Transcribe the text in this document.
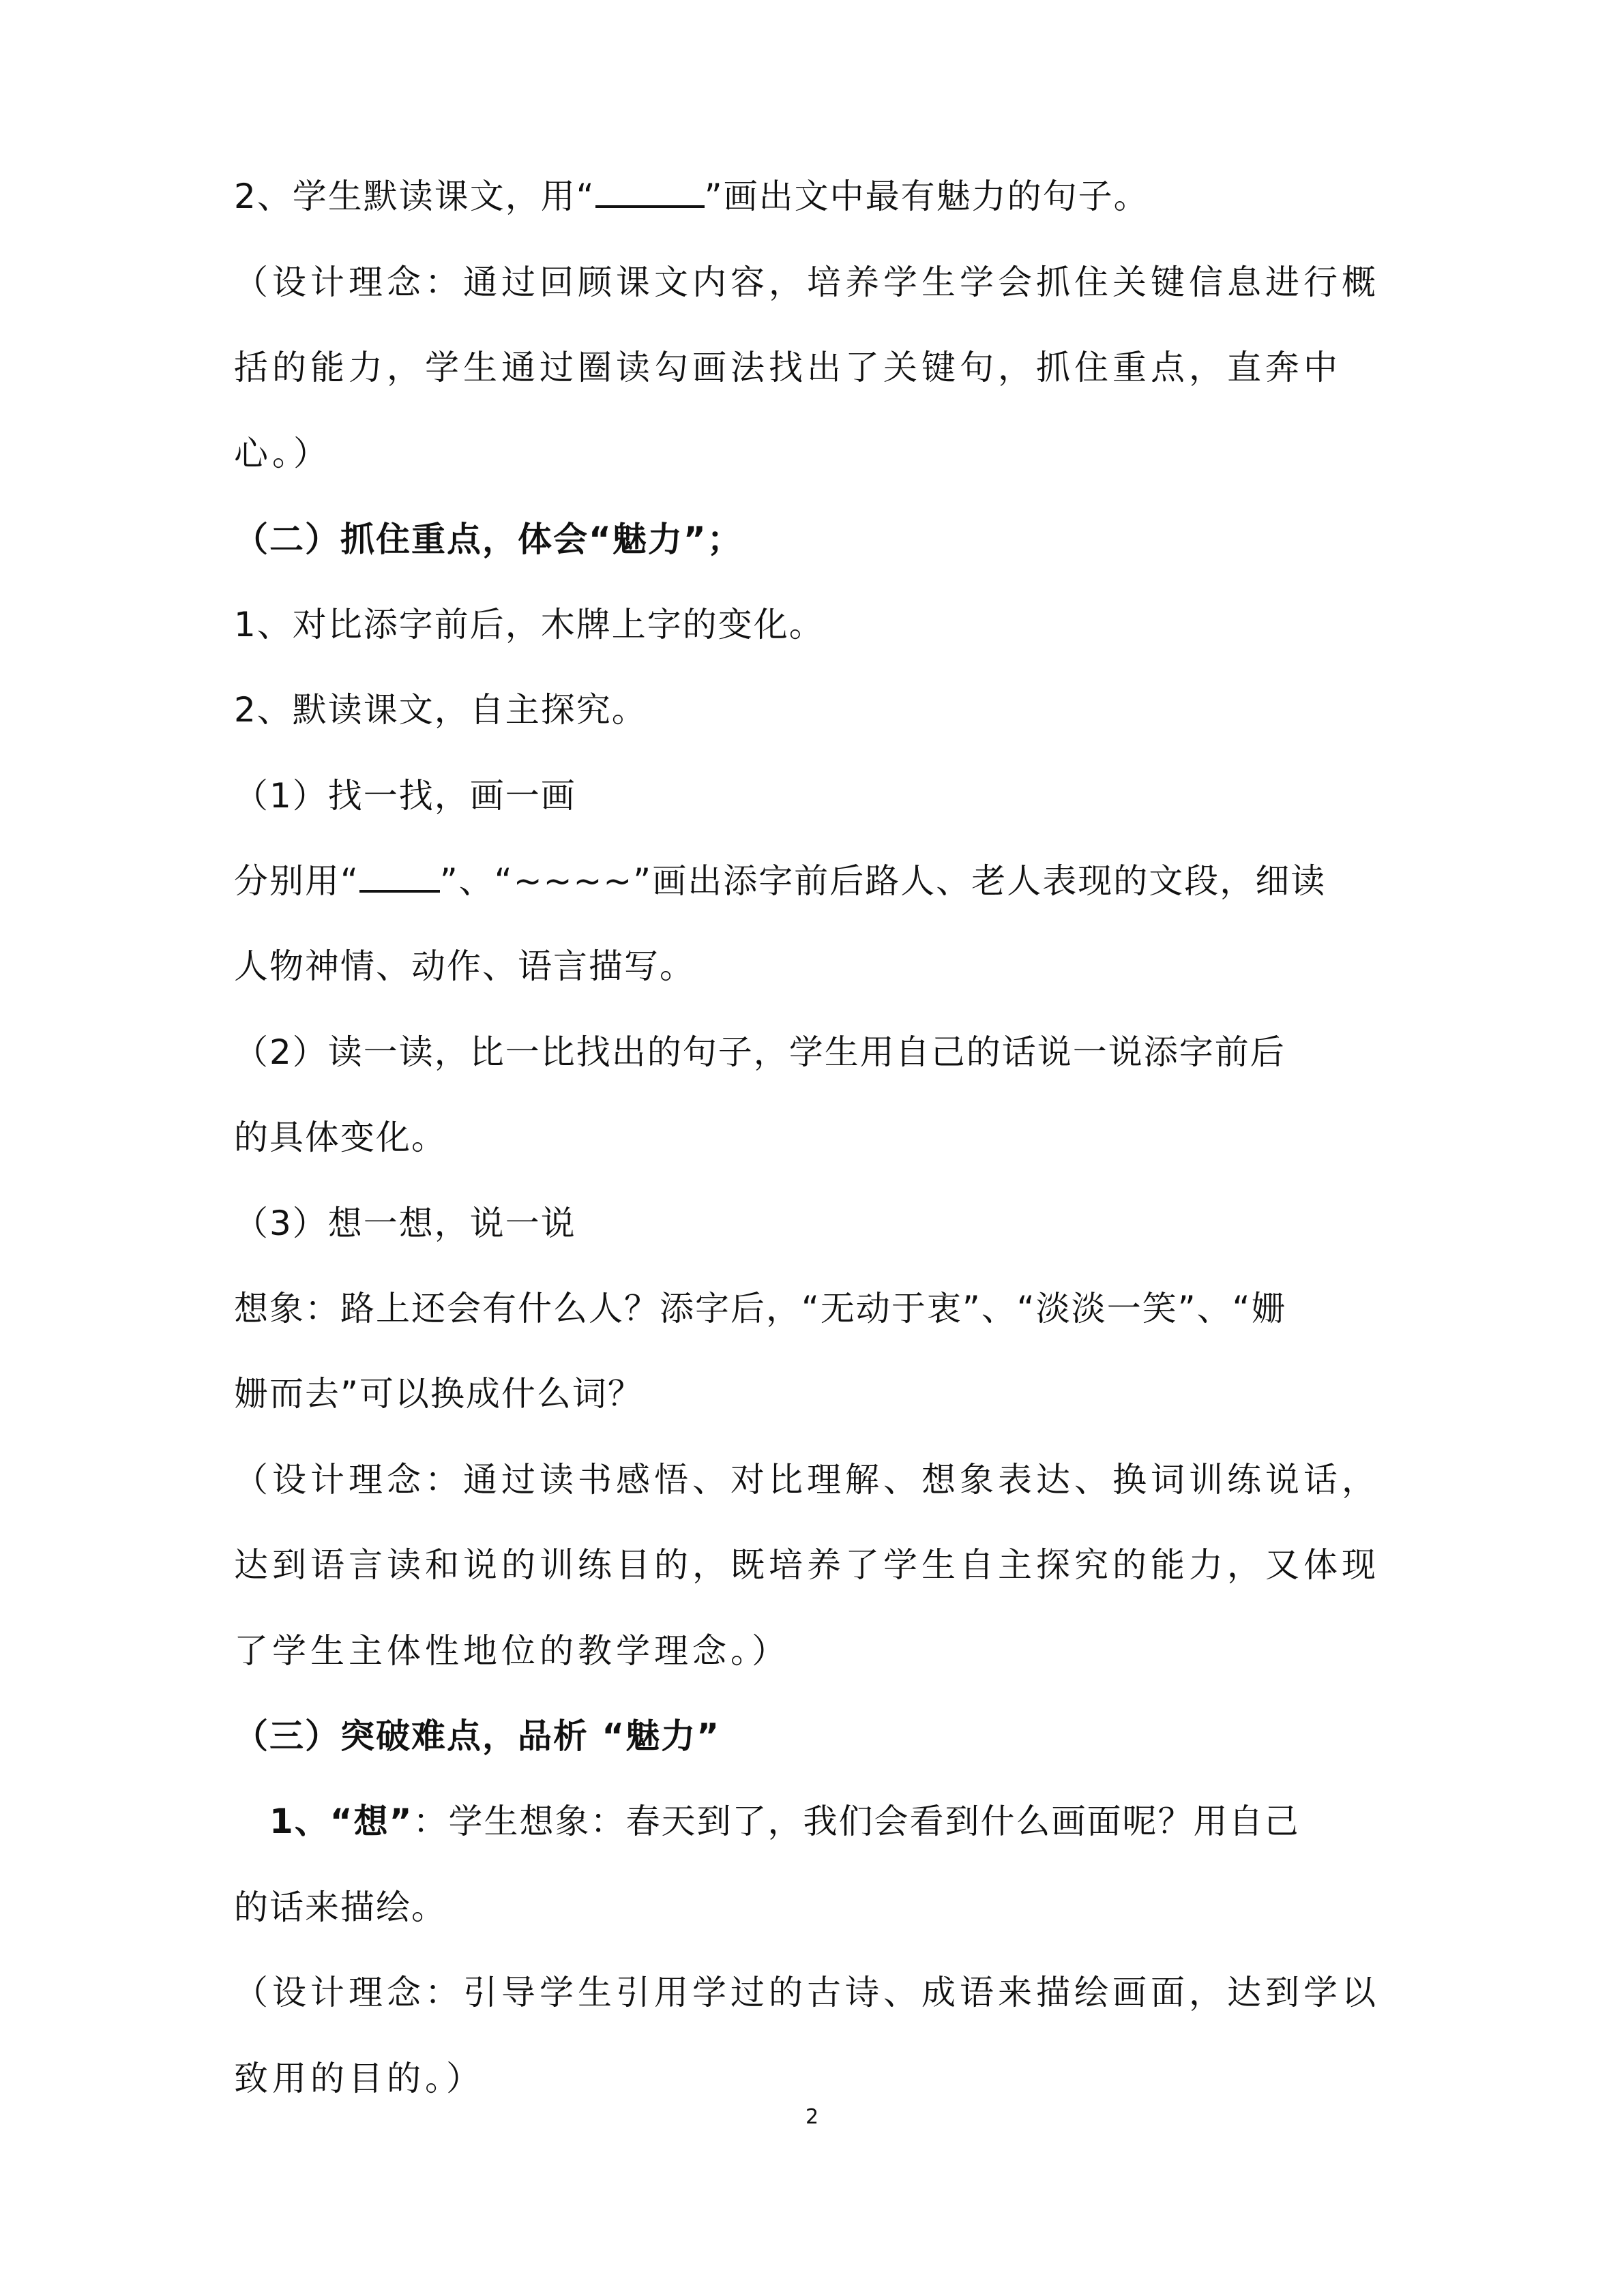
2、学生默读课文，用“	”画出文中最有魅力的句子。
（设计理念：通过回顾课文内容，培养学生学会抓住关键信息进行概
括的能力，学生通过圈读勾画法找出了关键句，抓住重点，直奔中
心。）
（二）抓住重点，体会“魅力”；
1、对比添字前后，木牌上字的变化。
2、默读课文，自主探究。
（1）找一找，画一画
分别用“ ”、“~~~~”画出添字前后路人、老人表现的文段，细读
人物神情、动作、语言描写。
（2）读一读，比一比找出的句子，学生用自己的话说一说添字前后
的具体变化。
（3）想一想，说一说
想象：路上还会有什么人？添字后，“无动于衷”、“淡淡一笑”、“姗
姗而去”可以换成什么词？
（设计理念：通过读书感悟、对比理解、想象表达、换词训练说话，
达到语言读和说的训练目的，既培养了学生自主探究的能力，又体现
了学生主体性地位的教学理念。）
（三）突破难点，品析 “魅力”
1、“想”：学生想象：春天到了，我们会看到什么画面呢？用自己
的话来描绘。
（设计理念：引导学生引用学过的古诗、成语来描绘画面，达到学以
致用的目的。）
2
